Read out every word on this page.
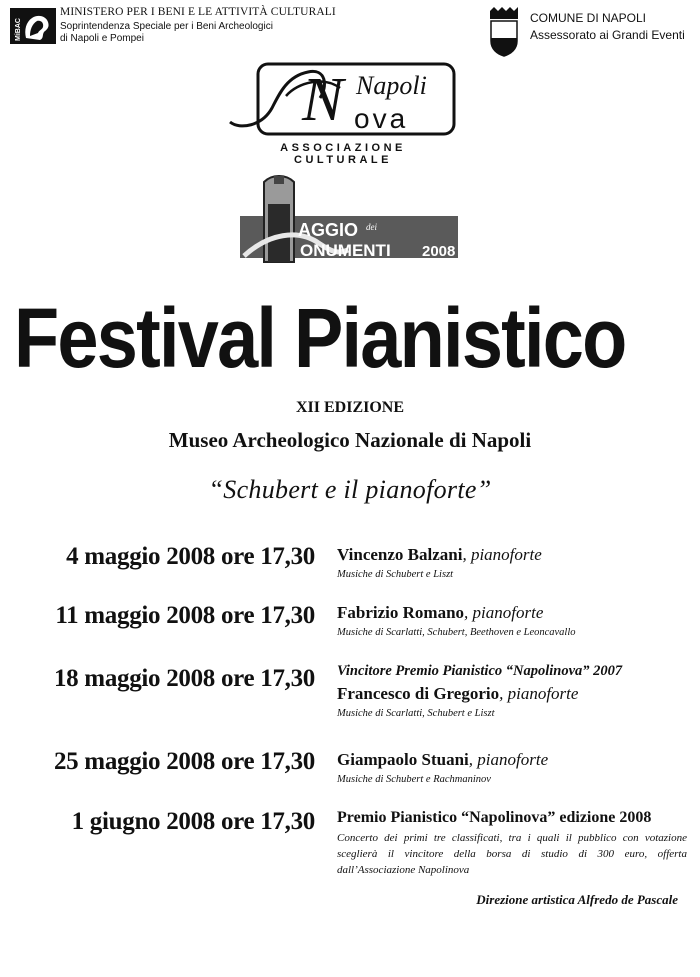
MiBAC
MINISTERO PER I BENI E LE ATTIVITÀ CULTURALI
Soprintendenza Speciale per i Beni Archeologici
di Napoli e Pompei
COMUNE DI NAPOLI
Assessorato ai Grandi Eventi
N Napoli
ova
ASSOCIAZIONE CULTURALE
AGGIO dei
ONUMENTI 2008
Festival Pianistico
XII EDIZIONE
Museo Archeologico Nazionale di Napoli
“Schubert e il pianoforte”
4 maggio 2008 ore 17,30 Vincenzo Balzani, pianoforte
Musiche di Schubert e Liszt
11 maggio 2008 ore 17,30 Fabrizio Romano, pianoforte
Musiche di Scarlatti, Schubert, Beethoven e Leoncavallo
18 maggio 2008 ore 17,30 Vincitore Premio Pianistico “Napolinova” 2007
Francesco di Gregorio, pianoforte
Musiche di Scarlatti, Schubert e Liszt
25 maggio 2008 ore 17,30 Giampaolo Stuani, pianoforte
Musiche di Schubert e Rachmaninov
1 giugno 2008 ore 17,30 Premio Pianistico “Napolinova” edizione 2008
Concerto dei primi tre classificati, tra i quali il pubblico con votazione sceglierà il vincitore della borsa di studio di 300 euro, offerta dall’Associazione Napolinova
Direzione artistica Alfredo de Pascale
